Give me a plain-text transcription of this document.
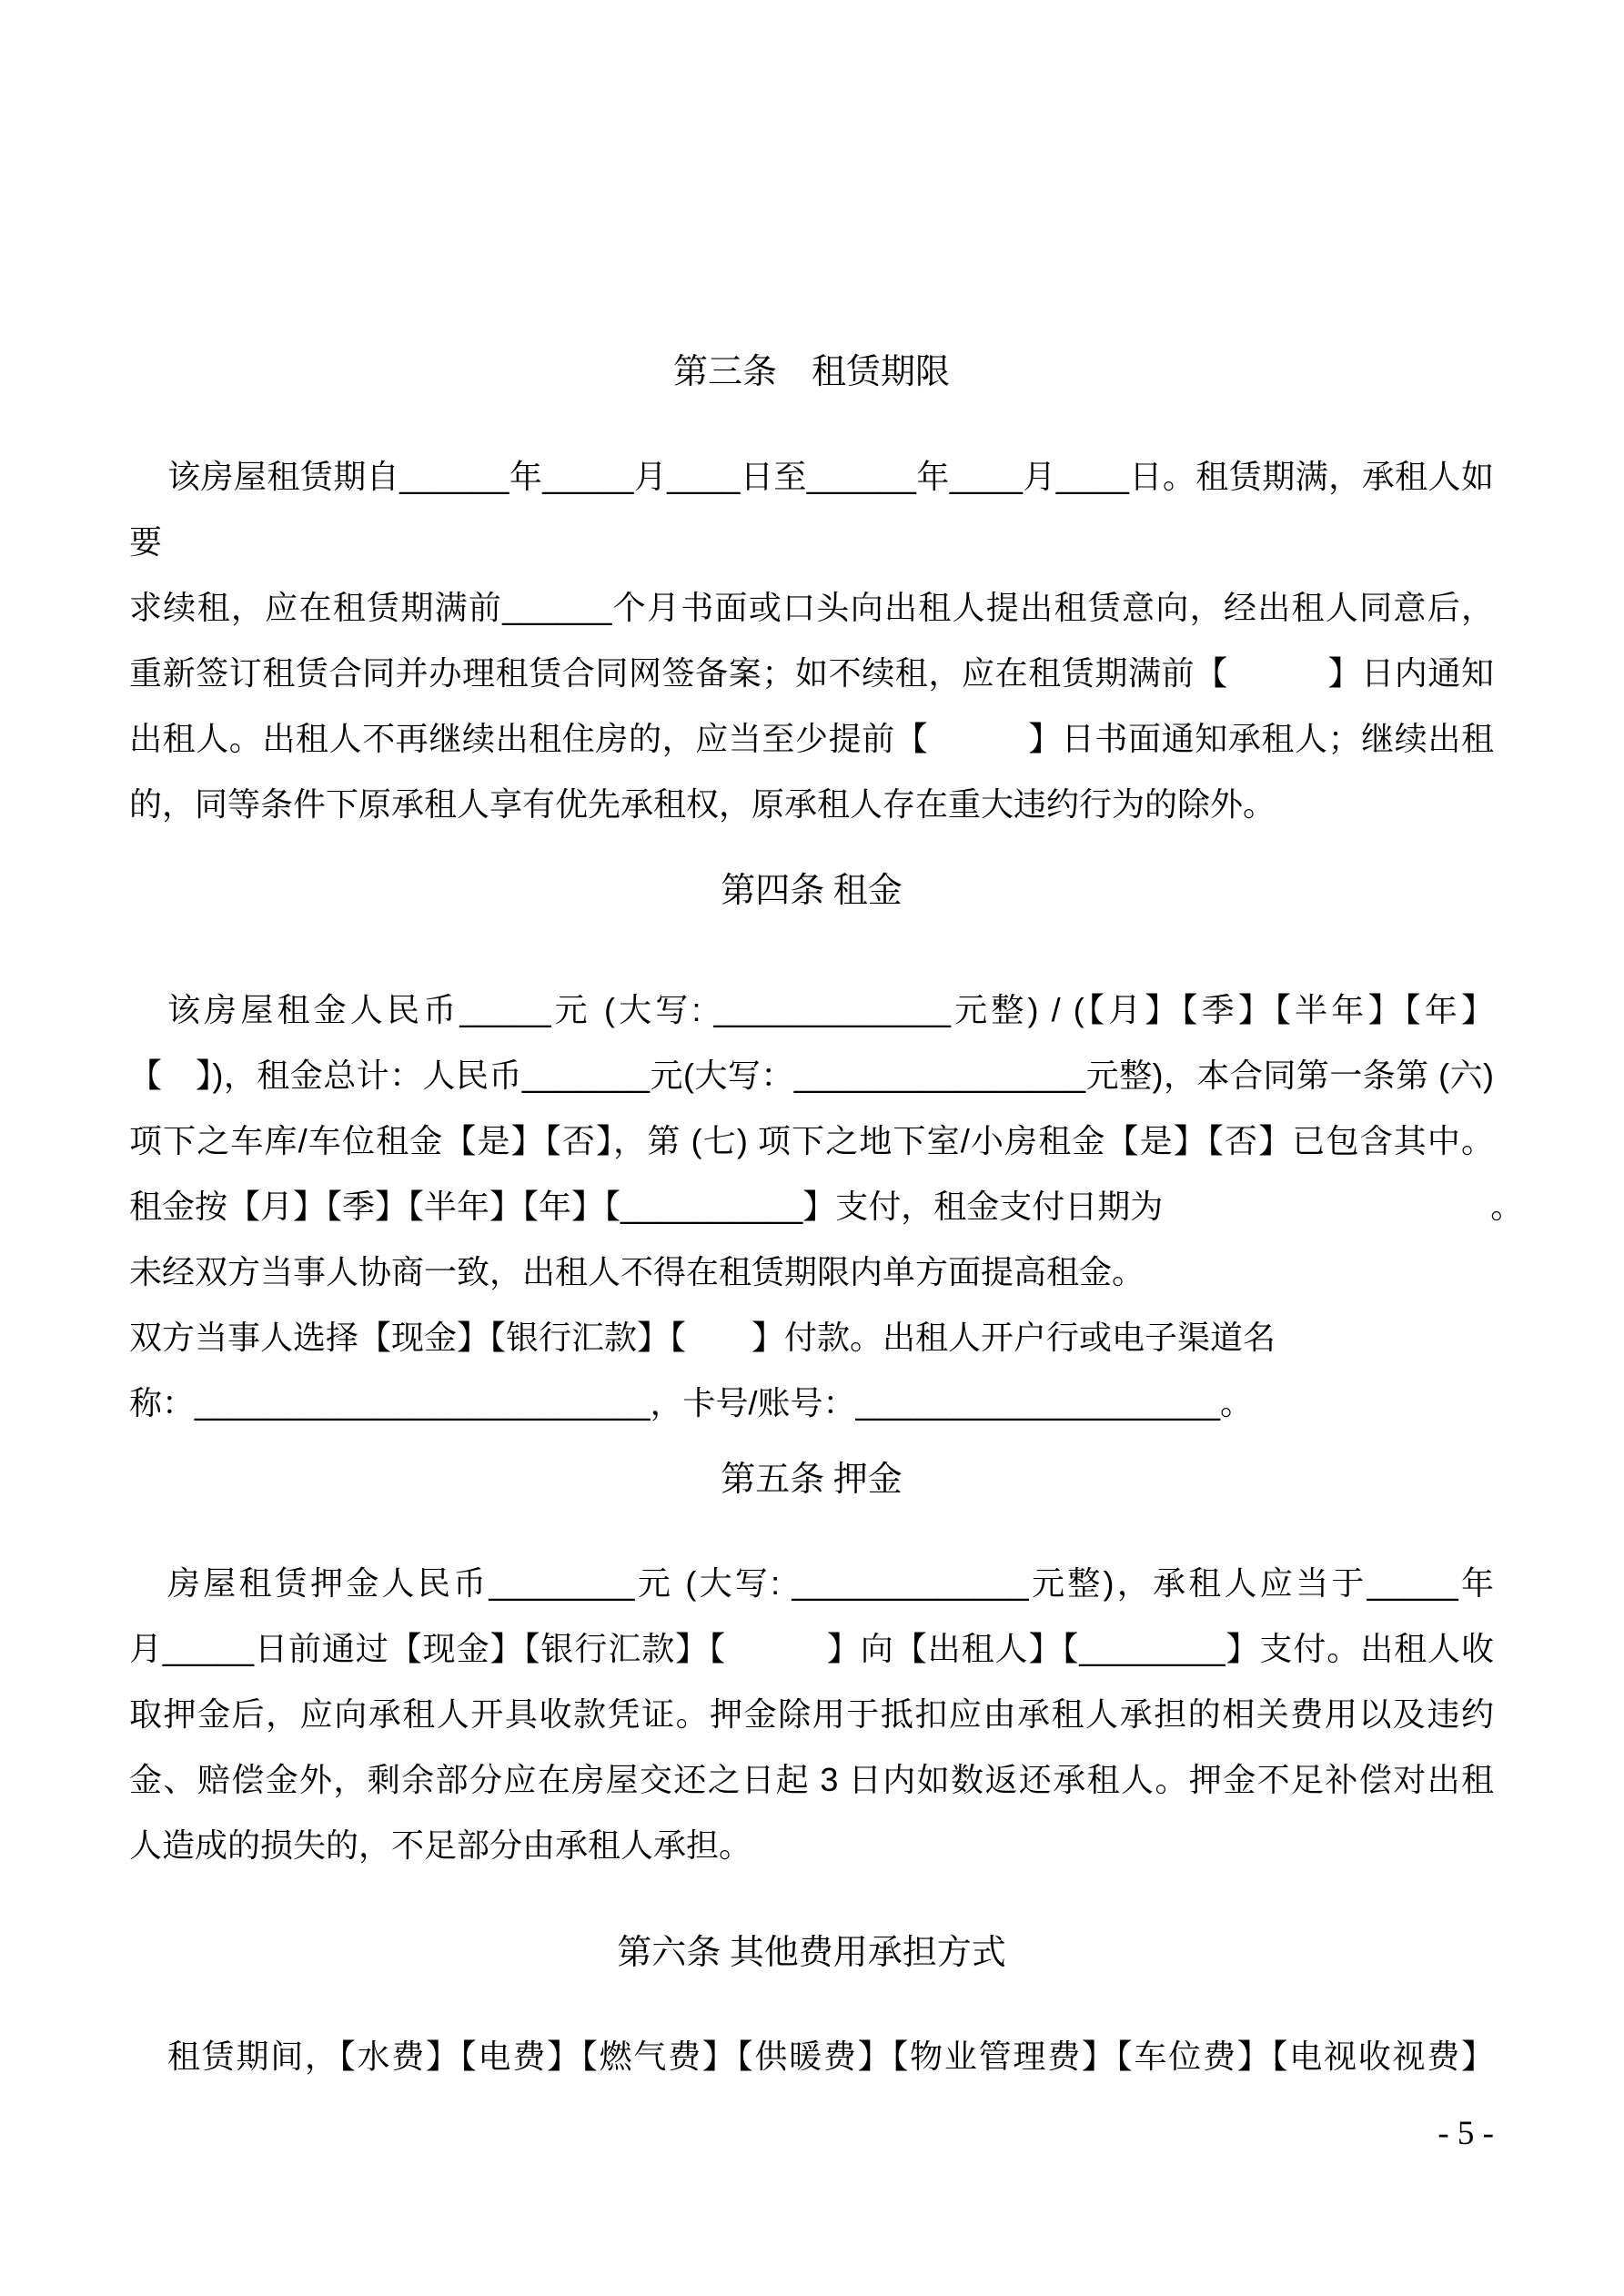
第三条　租赁期限
该房屋租赁期自______年_____月____日至______年____月____日。租赁期满，承租人如要
求续租，应在租赁期满前______个月书面或口头向出租人提出租赁意向，经出租人同意后，
重新签订租赁合同并办理租赁合同网签备案；如不续租，应在租赁期满前【　　　】日内通知
出租人。出租人不再继续出租住房的，应当至少提前【　　　】日书面通知承租人；继续出租
的，同等条件下原承租人享有优先承租权，原承租人存在重大违约行为的除外。
第四条 租金
该房屋租金人民币_____元 (大写: _____________元整) / (【月】【季】【半年】【年】
【　】)，租金总计：人民币_______元(大写：________________元整)，本合同第一条第 (六)
项下之车库/车位租金【是】【否】，第 (七) 项下之地下室/小房租金【是】【否】已包含其中。
租金按【月】【季】【半年】【年】【__________】支付，租金支付日期为　　　　　　　　　　。
未经双方当事人协商一致，出租人不得在租赁期限内单方面提高租金。
双方当事人选择【现金】【银行汇款】【　　】付款。出租人开户行或电子渠道名
称：_________________________，卡号/账号：____________________。
第五条 押金
房屋租赁押金人民币________元 (大写: _____________元整)，承租人应当于_____年
月_____日前通过【现金】【银行汇款】【　　　】向【出租人】【________】支付。出租人收
取押金后，应向承租人开具收款凭证。押金除用于抵扣应由承租人承担的相关费用以及违约
金、赔偿金外，剩余部分应在房屋交还之日起 3 日内如数返还承租人。押金不足补偿对出租
人造成的损失的，不足部分由承租人承担。
第六条 其他费用承担方式
租赁期间，【水费】【电费】【燃气费】【供暖费】【物业管理费】【车位费】【电视收视费】
- 5 -
